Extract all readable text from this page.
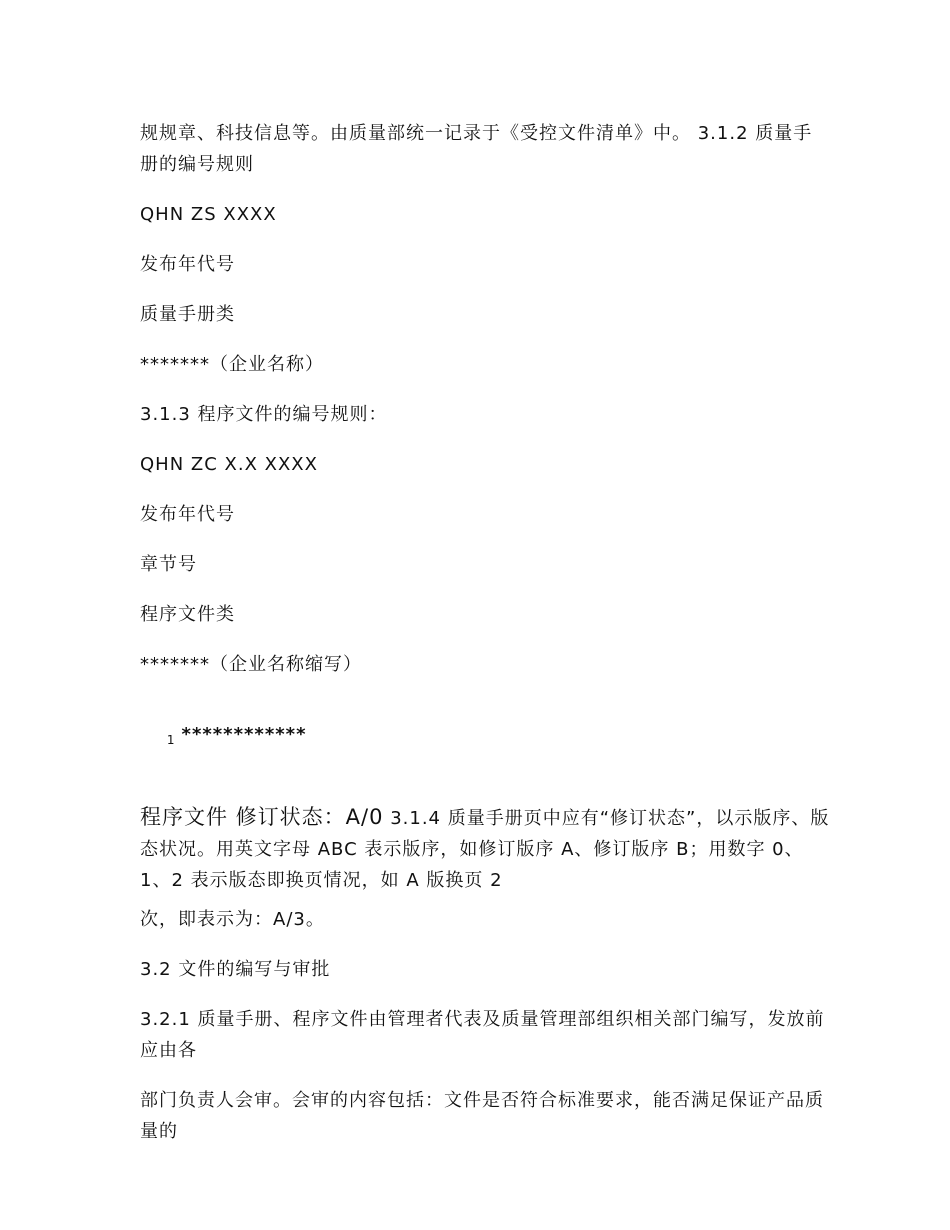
规规章、科技信息等。由质量部统一记录于《受控文件清单》中。 3.1.2 质量手册的编号规则

QHN ZS XXXX

发布年代号

质量手册类

*******（企业名称）

3.1.3 程序文件的编号规则：

QHN ZC X.X XXXX

发布年代号

章节号

程序文件类

*******（企业名称缩写）

$_1$ ************

程序文件 修订状态：A/0 3.1.4 质量手册页中应有“修订状态”，以示版序、版态状况。用英文字母 ABC 表示版序，如修订版序 A、修订版序 B；用数字 0、1、2 表示版态即换页情况，如 A 版换页 2

次，即表示为：A/3。

3.2 文件的编写与审批

3.2.1 质量手册、程序文件由管理者代表及质量管理部组织相关部门编写，发放前应由各

部门负责人会审。会审的内容包括：文件是否符合标准要求，能否满足保证产品质量的
